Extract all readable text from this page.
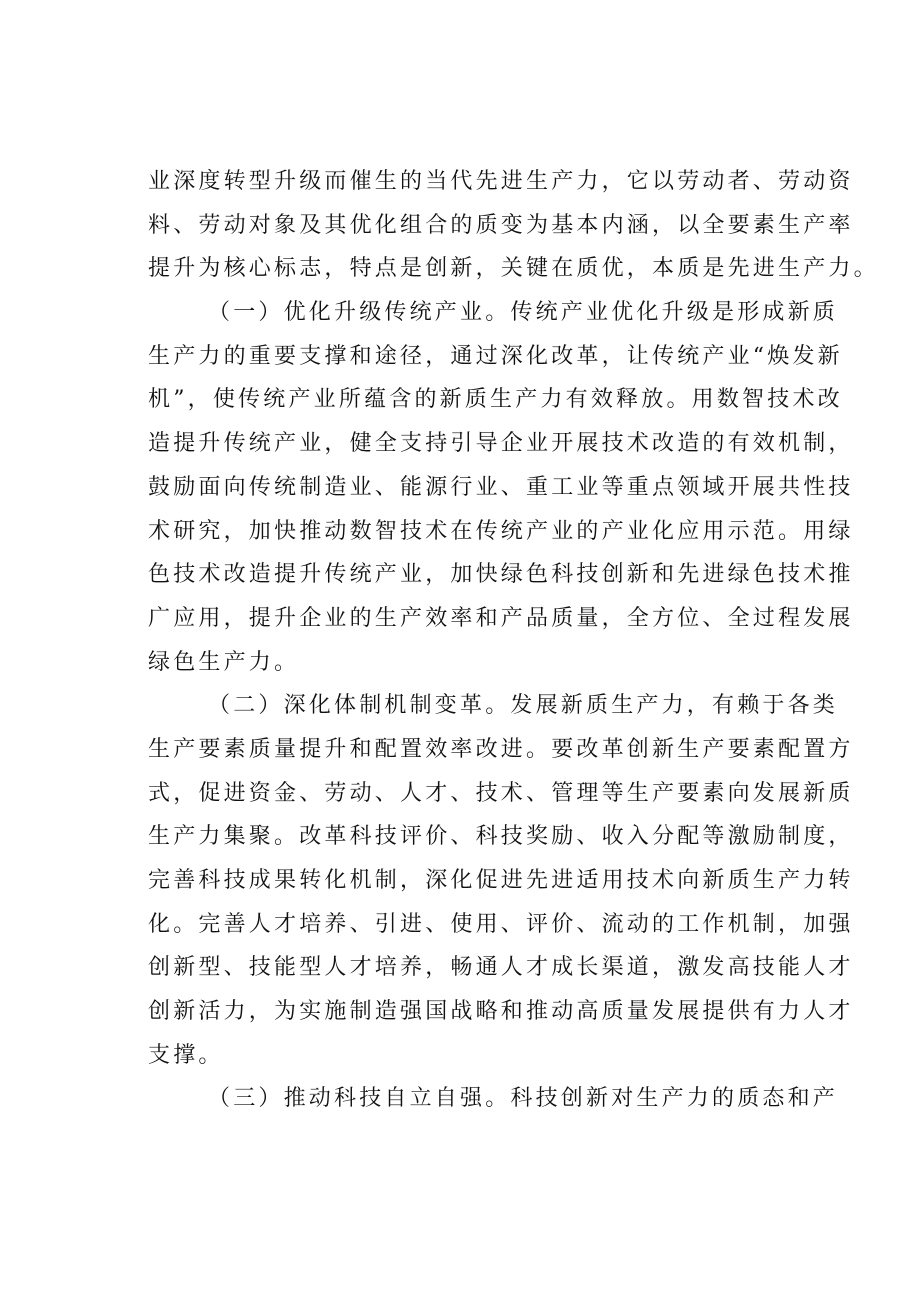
业深度转型升级而催生的当代先进生产力，它以劳动者、劳动资
料、劳动对象及其优化组合的质变为基本内涵，以全要素生产率
提升为核心标志，特点是创新，关键在质优，本质是先进生产力。
（一）优化升级传统产业。传统产业优化升级是形成新质
生产力的重要支撑和途径，通过深化改革，让传统产业“焕发新
机”，使传统产业所蕴含的新质生产力有效释放。用数智技术改
造提升传统产业，健全支持引导企业开展技术改造的有效机制，
鼓励面向传统制造业、能源行业、重工业等重点领域开展共性技
术研究，加快推动数智技术在传统产业的产业化应用示范。用绿
色技术改造提升传统产业，加快绿色科技创新和先进绿色技术推
广应用，提升企业的生产效率和产品质量，全方位、全过程发展
绿色生产力。
（二）深化体制机制变革。发展新质生产力，有赖于各类
生产要素质量提升和配置效率改进。要改革创新生产要素配置方
式，促进资金、劳动、人才、技术、管理等生产要素向发展新质
生产力集聚。改革科技评价、科技奖励、收入分配等激励制度，
完善科技成果转化机制，深化促进先进适用技术向新质生产力转
化。完善人才培养、引进、使用、评价、流动的工作机制，加强
创新型、技能型人才培养，畅通人才成长渠道，激发高技能人才
创新活力，为实施制造强国战略和推动高质量发展提供有力人才
支撑。
（三）推动科技自立自强。科技创新对生产力的质态和产
